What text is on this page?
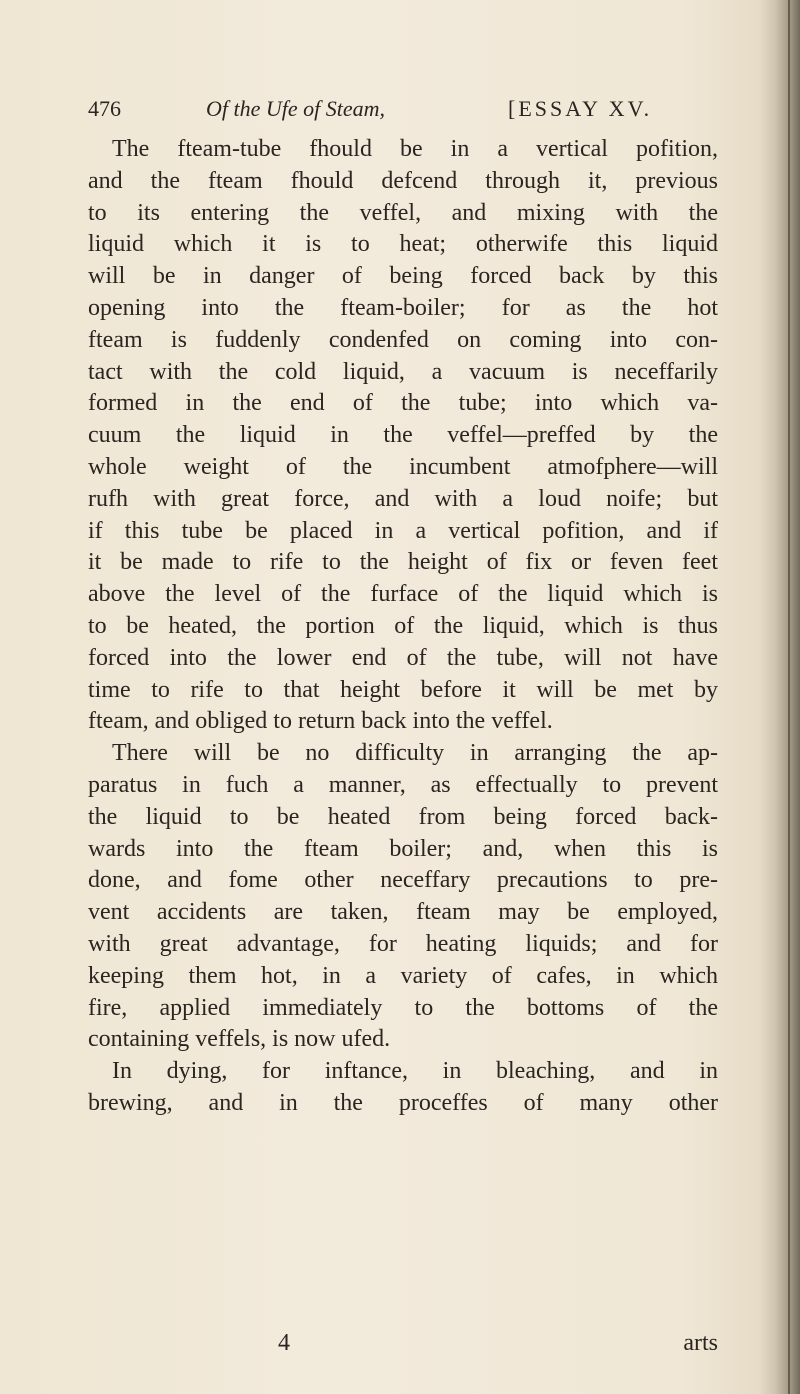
476	Of the Ufe of Steam,	[ESSAY XV.
The fteam-tube fhould be in a vertical pofition,
and the fteam fhould defcend through it, previous
to its entering the veffel, and mixing with the
liquid which it is to heat; otherwife this liquid
will be in danger of being forced back by this
opening into the fteam-boiler; for as the hot
fteam is fuddenly condenfed on coming into con-
tact with the cold liquid, a vacuum is neceffarily
formed in the end of the tube; into which va-
cuum the liquid in the veffel—preffed by the
whole weight of the incumbent atmofphere—will
rufh with great force, and with a loud noife; but
if this tube be placed in a vertical pofition, and if
it be made to rife to the height of fix or feven feet
above the level of the furface of the liquid which is
to be heated, the portion of the liquid, which is thus
forced into the lower end of the tube, will not have
time to rife to that height before it will be met by
fteam, and obliged to return back into the veffel.
There will be no difficulty in arranging the ap-
paratus in fuch a manner, as effectually to prevent
the liquid to be heated from being forced back-
wards into the fteam boiler; and, when this is
done, and fome other neceffary precautions to pre-
vent accidents are taken, fteam may be employed,
with great advantage, for heating liquids; and for
keeping them hot, in a variety of cafes, in which
fire, applied immediately to the bottoms of the
containing veffels, is now ufed.
In dying, for inftance, in bleaching, and in
brewing, and in the proceffes of many other
4	arts
